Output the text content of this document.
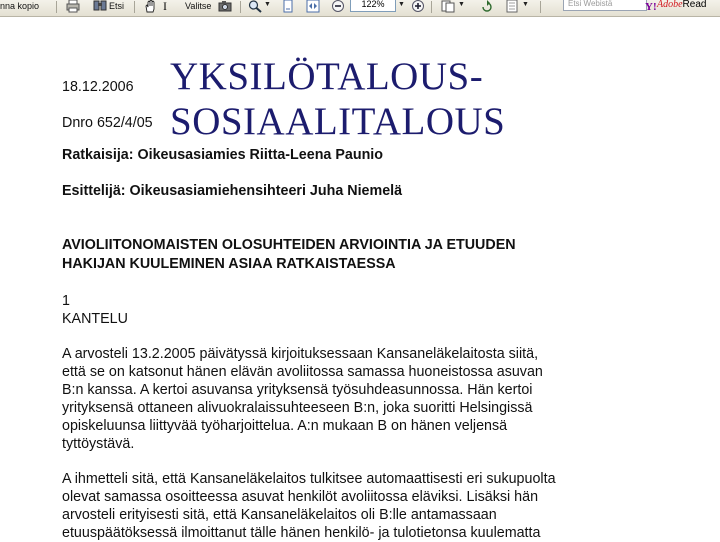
nna kopio	Etsi	I Valitse	▼	122%	▼	▼	▼	Etsi Webistä	Y! AdobeRead
YKSILÖTALOUS-
SOSIAALITALOUS
18.12.2006
Dnro 652/4/05
Ratkaisija: Oikeusasiamies Riitta-Leena Paunio
Esittelijä: Oikeusasiamiehensihteeri Juha Niemelä
AVIOLIITONOMAISTEN OLOSUHTEIDEN ARVIOINTIA JA ETUUDEN
HAKIJAN KUULEMINEN ASIAA RATKAISTAESSA
1
KANTELU
A arvosteli 13.2.2005 päivätyssä kirjoituksessaan Kansaneläkelaitosta siitä,
että se on katsonut hänen elävän avoliitossa samassa huoneistossa asuvan
B:n kanssa. A kertoi asuvansa yrityksensä työsuhdeasunnossa. Hän kertoi
yrityksensä ottaneen alivuokralaissuhteeseen B:n, joka suoritti Helsingissä
opiskeluunsa liittyvää työharjoittelua. A:n mukaan B on hänen veljensä
tyttöystävä.
A ihmetteli sitä, että Kansaneläkelaitos tulkitsee automaattisesti eri sukupuolta
olevat samassa osoitteessa asuvat henkilöt avoliitossa eläviksi. Lisäksi hän
arvosteli erityisesti sitä, että Kansaneläkelaitos oli B:lle antamassaan
etuuspäätöksessä ilmoittanut tälle hänen henkilö- ja tulotietonsa kuulematta
